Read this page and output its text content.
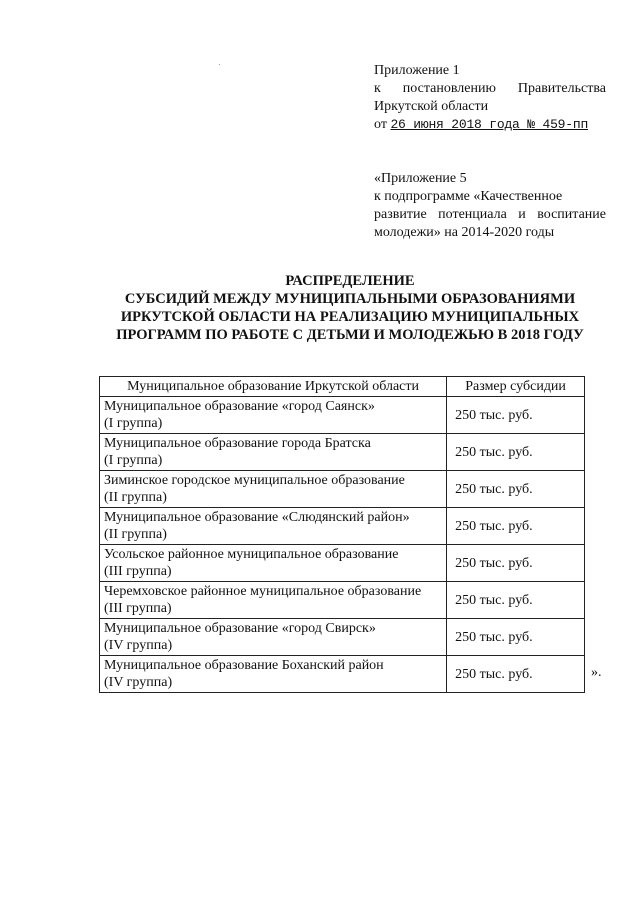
Приложение 1
к постановлению Правительства
Иркутской области
от 26 июня 2018 года № 459-пп
«Приложение 5
к подпрограмме «Качественное
развитие потенциала и воспитание
молодежи» на 2014-2020 годы
РАСПРЕДЕЛЕНИЕ
СУБСИДИЙ МЕЖДУ МУНИЦИПАЛЬНЫМИ ОБРАЗОВАНИЯМИ
ИРКУТСКОЙ ОБЛАСТИ НА РЕАЛИЗАЦИЮ МУНИЦИПАЛЬНЫХ
ПРОГРАММ ПО РАБОТЕ С ДЕТЬМИ И МОЛОДЕЖЬЮ В 2018 ГОДУ
Муниципальное образование Иркутской области	Размер субсидии

Муниципальное образование «город Саянск»
(I группа)	250 тыс. руб.

Муниципальное образование города Братска
(I группа)	250 тыс. руб.

Зиминское городское муниципальное образование
(II группа)	250 тыс. руб.

Муниципальное образование «Слюдянский район»
(II группа)	250 тыс. руб.

Усольское районное муниципальное образование
(III группа)	250 тыс. руб.

Черемховское районное муниципальное образование
(III группа)	250 тыс. руб.

Муниципальное образование «город Свирск»
(IV группа)	250 тыс. руб.

Муниципальное образование Боханский район
(IV группа)	250 тыс. руб.	».
